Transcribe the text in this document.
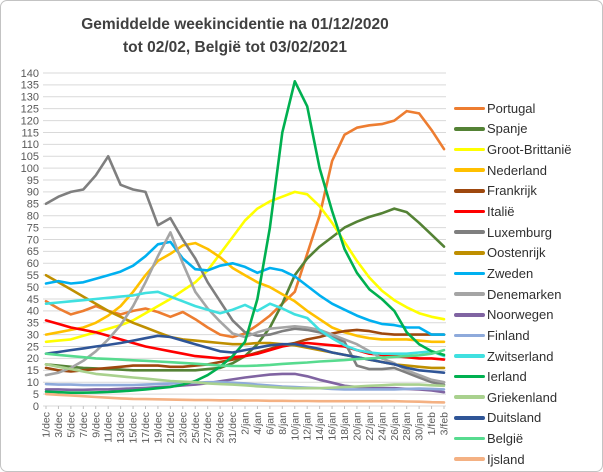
Gemiddelde weekincidentie na 01/12/2020
tot 02/02, België tot 03/02/2021
0
5
10
15
20
25
30
35
40
45
50
55
60
65
70
75
80
85
90
95
100
105
110
115
120
125
130
135
140
1/dec 3/dec 5/dec 7/dec 9/dec 11/dec 13/dec 15/dec 17/dec 19/dec 21/dec 23/dec 25/dec 27/dec 29/dec 31/dec 2/jan 4/jan 6/jan 8/jan 10/jan 12/jan 14/jan 16/jan 18/jan 20/jan 22/jan 24/jan 26/jan 28/jan 30/jan 1/feb 3/feb
Portugal
Spanje
Groot-Brittanië
Nederland
Frankrijk
Italië
Luxemburg
Oostenrijk
Zweden
Denemarken
Noorwegen
Finland
Zwitserland
Ierland
Griekenland
Duitsland
België
Ijsland
